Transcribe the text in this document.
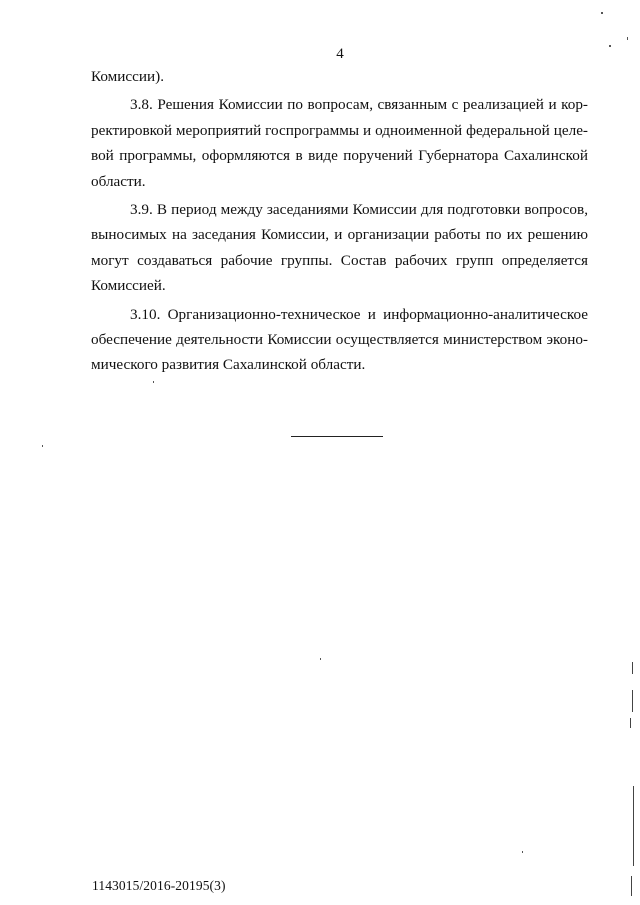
4
Комиссии).
3.8. Решения Комиссии по вопросам, связанным с реализацией и кор-
ректировкой мероприятий госпрограммы и одноименной федеральной целе-
вой программы, оформляются в виде поручений Губернатора Сахалинской
области.
3.9. В период между заседаниями Комиссии для подготовки вопросов,
выносимых на заседания Комиссии, и организации работы по их решению
могут создаваться рабочие группы. Состав рабочих групп определяется
Комиссией.
3.10. Организационно-техническое и информационно-аналитическое
обеспечение деятельности Комиссии осуществляется министерством эконо-
мического развития Сахалинской области.
1143015/2016-20195(3)
